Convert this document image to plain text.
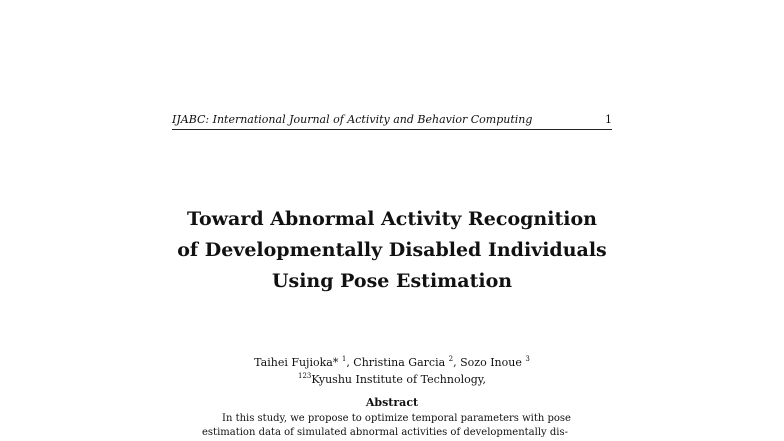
IJABC: International Journal of Activity and Behavior Computing	1
Toward Abnormal Activity Recognition
of Developmentally Disabled Individuals
Using Pose Estimation
Taihei Fujioka* $^1$, Christina Garcia $^2$, Sozo Inoue $^3$
$^{123}$Kyushu Institute of Technology,
Abstract
In this study, we propose to optimize temporal parameters with pose
estimation data of simulated abnormal activities of developmentally dis-
